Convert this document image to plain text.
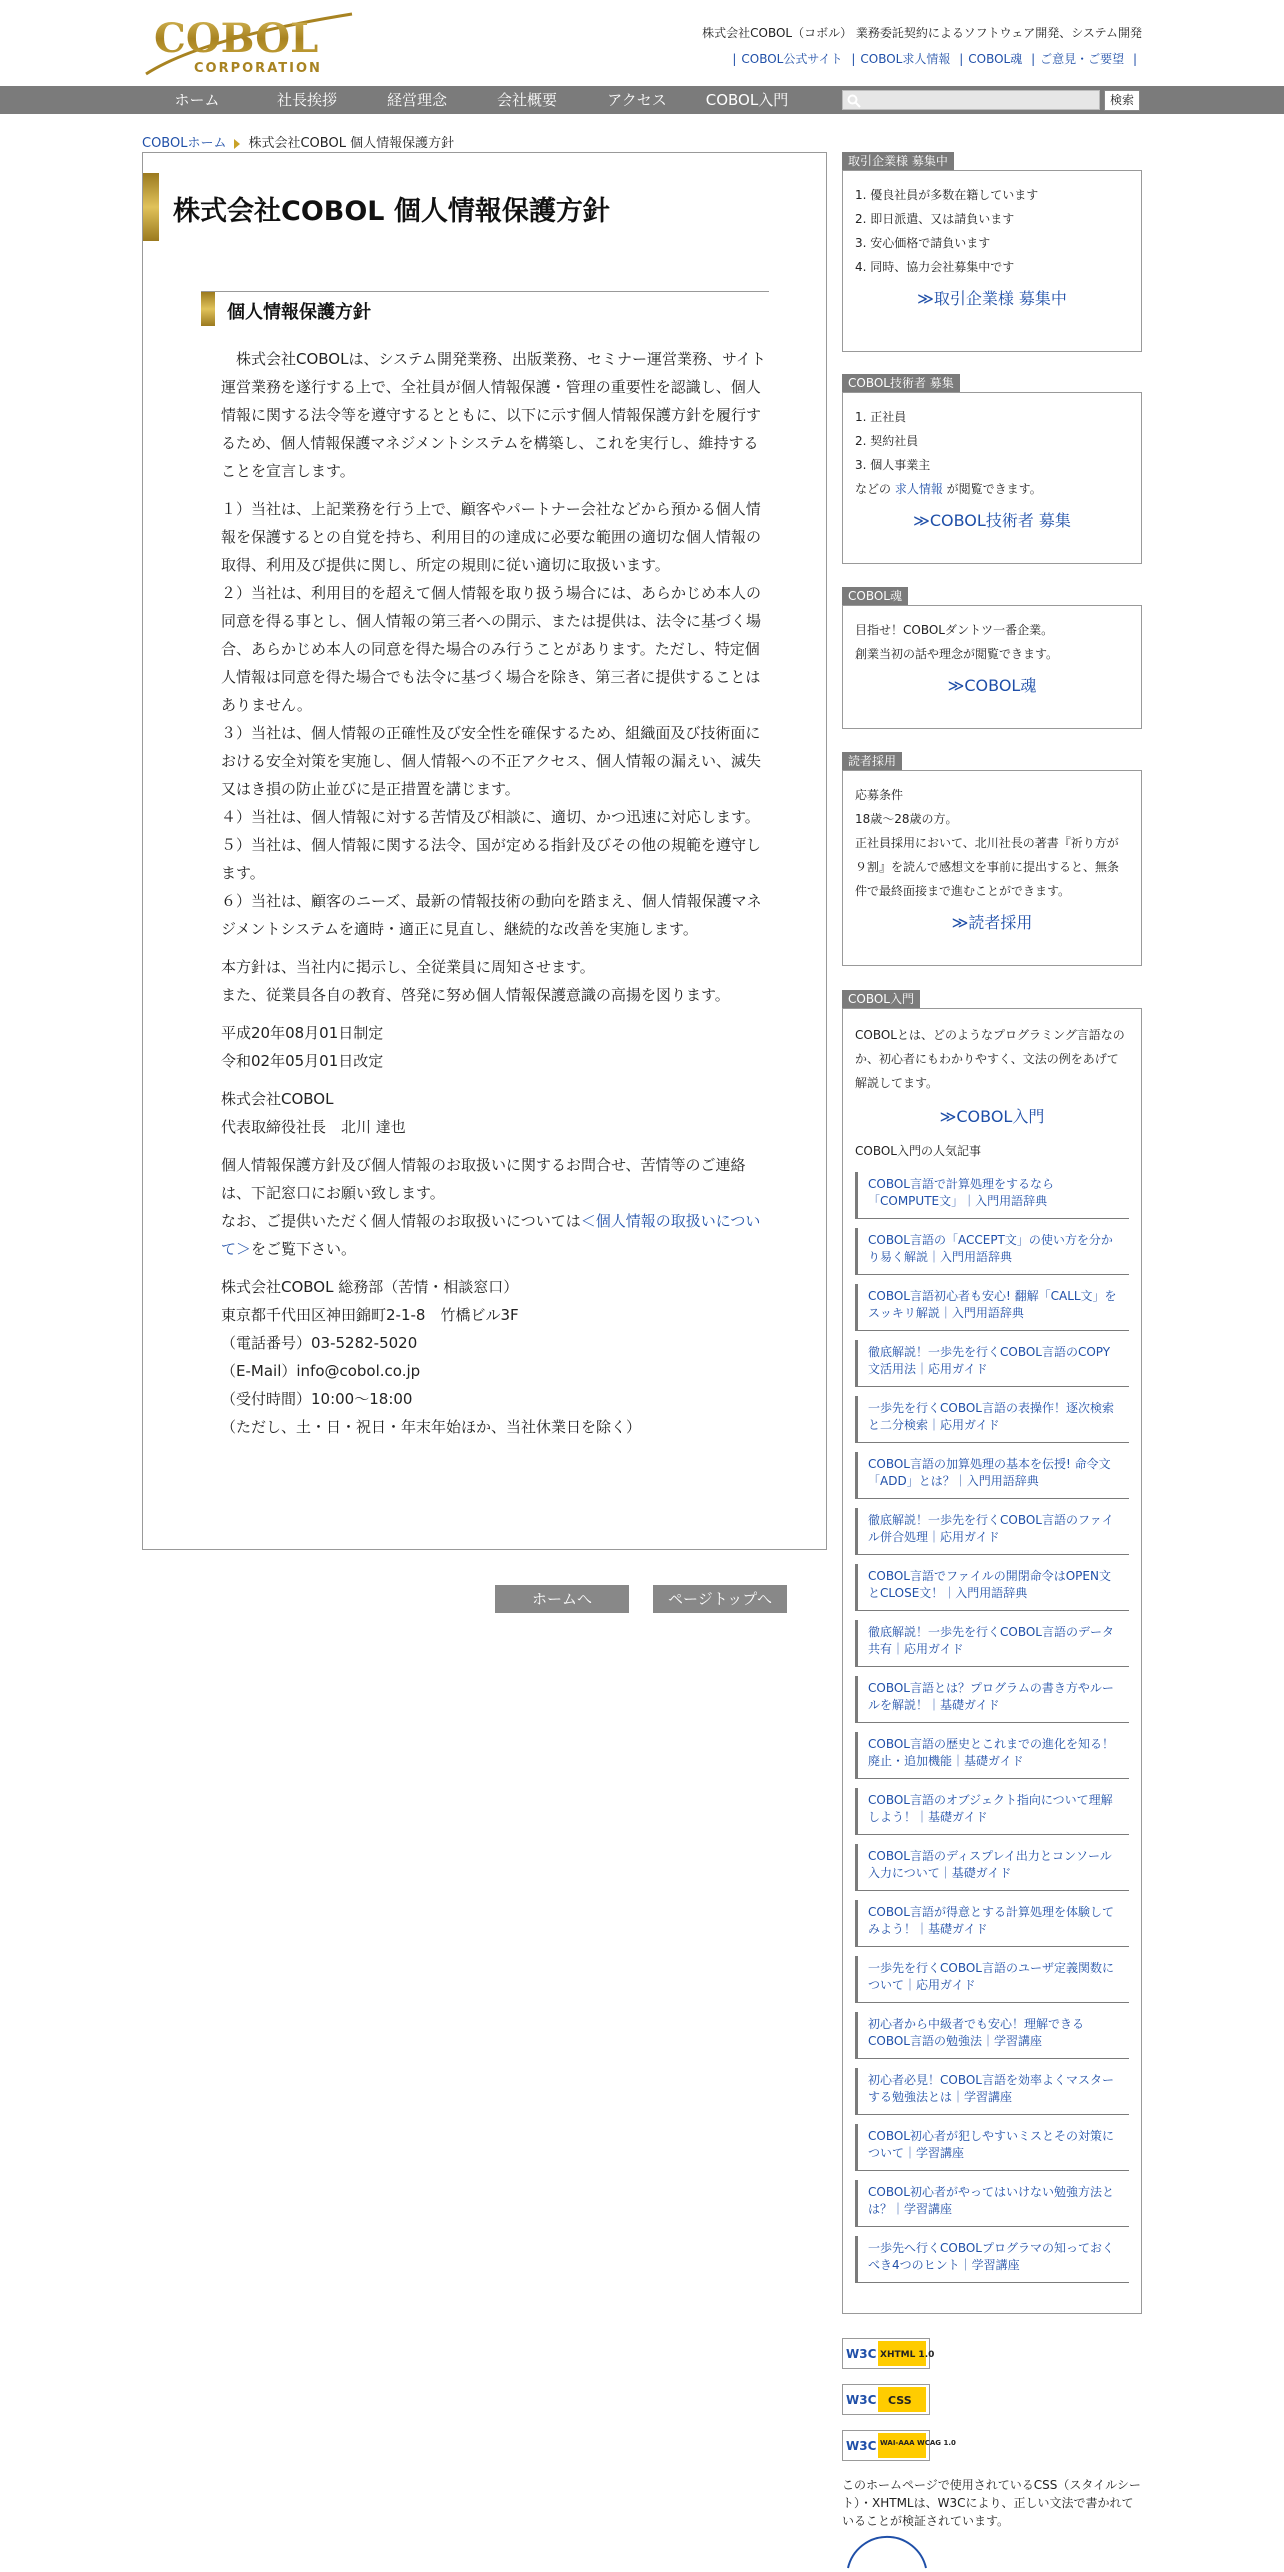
COBOL
CORPORATION
株式会社COBOL（コボル） 業務委託契約によるソフトウェア開発、システム開発
| COBOL公式サイト | COBOL求人情報 | COBOL魂 | ご意見・ご要望 |
ホーム	社長挨拶	経営理念	会社概要	アクセス	COBOL入門	検索
COBOLホーム 株式会社COBOL 個人情報保護方針
株式会社COBOL 個人情報保護方針
個人情報保護方針

株式会社COBOLは、システム開発業務、出版業務、セミナー運営業務、サイト運営業務を遂行する上で、全社員が個人情報保護・管理の重要性を認識し、個人情報に関する法令等を遵守するとともに、以下に示す個人情報保護方針を履行するため、個人情報保護マネジメントシステムを構築し、これを実行し、維持することを宣言します。

１）当社は、上記業務を行う上で、顧客やパートナー会社などから預かる個人情報を保護するとの自覚を持ち、利用目的の達成に必要な範囲の適切な個人情報の取得、利用及び提供に関し、所定の規則に従い適切に取扱います。

２）当社は、利用目的を超えて個人情報を取り扱う場合には、あらかじめ本人の同意を得る事とし、個人情報の第三者への開示、または提供は、法令に基づく場合、あらかじめ本人の同意を得た場合のみ行うことがあります。ただし、特定個人情報は同意を得た場合でも法令に基づく場合を除き、第三者に提供することはありません。

３）当社は、個人情報の正確性及び安全性を確保するため、組織面及び技術面における安全対策を実施し、個人情報への不正アクセス、個人情報の漏えい、滅失又はき損の防止並びに是正措置を講じます。

４）当社は、個人情報に対する苦情及び相談に、適切、かつ迅速に対応します。

５）当社は、個人情報に関する法令、国が定める指針及びその他の規範を遵守します。

６）当社は、顧客のニーズ、最新の情報技術の動向を踏まえ、個人情報保護マネジメントシステムを適時・適正に見直し、継続的な改善を実施します。

本方針は、当社内に掲示し、全従業員に周知させます。

また、従業員各自の教育、啓発に努め個人情報保護意識の高揚を図ります。

平成20年08月01日制定

令和02年05月01日改定

株式会社COBOL

代表取締役社長　北川 達也

個人情報保護方針及び個人情報のお取扱いに関するお問合せ、苦情等のご連絡は、下記窓口にお願い致します。

なお、ご提供いただく個人情報のお取扱いについては＜個人情報の取扱いについて＞をご覧下さい。

株式会社COBOL 総務部（苦情・相談窓口）

東京都千代田区神田錦町2-1-8　竹橋ビル3F

（電話番号）03-5282-5020

（E-Mail）info@cobol.co.jp

（受付時間）10:00～18:00

（ただし、土・日・祝日・年末年始ほか、当社休業日を除く）

ホームへ	ページトップへ
取引企業様 募集中
1. 優良社員が多数在籍しています
2. 即日派遣、又は請負います
3. 安心価格で請負います
4. 同時、協力会社募集中です
≫取引企業様 募集中
COBOL技術者 募集
1. 正社員
2. 契約社員
3. 個人事業主
などの 求人情報 が閲覧できます。
≫COBOL技術者 募集
COBOL魂
目指せ！COBOLダントツ一番企業。
創業当初の話や理念が閲覧できます。
≫COBOL魂
読者採用
応募条件
18歳～28歳の方。
正社員採用において、北川社長の著書『祈り方が９割』を読んで感想文を事前に提出すると、無条件で最終面接まで進むことができます。
≫読者採用
COBOL入門
COBOLとは、どのようなプログラミング言語なのか、初心者にもわかりやすく、文法の例をあげて解説してます。
≫COBOL入門
COBOL入門の人気記事
COBOL言語で計算処理をするなら「COMPUTE文」｜入門用語辞典
COBOL言語の「ACCEPT文」の使い方を分かり易く解説｜入門用語辞典
COBOL言語初心者も安心! 翻解「CALL文」をスッキリ解説｜入門用語辞典
徹底解説！一歩先を行くCOBOL言語のCOPY文活用法｜応用ガイド
一歩先を行くCOBOL言語の表操作！逐次検索と二分検索｜応用ガイド
COBOL言語の加算処理の基本を伝授! 命令文「ADD」とは？｜入門用語辞典
徹底解説！一歩先を行くCOBOL言語のファイル併合処理｜応用ガイド
COBOL言語でファイルの開閉命令はOPEN文とCLOSE文！｜入門用語辞典
徹底解説！一歩先を行くCOBOL言語のデータ共有｜応用ガイド
COBOL言語とは？プログラムの書き方やルールを解説！｜基礎ガイド
COBOL言語の歴史とこれまでの進化を知る！廃止・追加機能｜基礎ガイド
COBOL言語のオブジェクト指向について理解しよう！｜基礎ガイド
COBOL言語のディスプレイ出力とコンソール入力について｜基礎ガイド
COBOL言語が得意とする計算処理を体験してみよう！｜基礎ガイド
一歩先を行くCOBOL言語のユーザ定義関数について｜応用ガイド
初心者から中級者でも安心！理解できるCOBOL言語の勉強法｜学習講座
初心者必見！COBOL言語を効率よくマスターする勉強法とは｜学習講座
COBOL初心者が犯しやすいミスとその対策について｜学習講座
COBOL初心者がやってはいけない勉強方法とは？｜学習講座
一歩先へ行くCOBOLプログラマの知っておくべき4つのヒント｜学習講座
W3C XHTML 1.0
W3C CSS
W3C WAI-AAA WCAG 1.0
このホームページで使用されているCSS（スタイルシート）・XHTMLは、W3Cにより、正しい文法で書かれていることが検証されています。
